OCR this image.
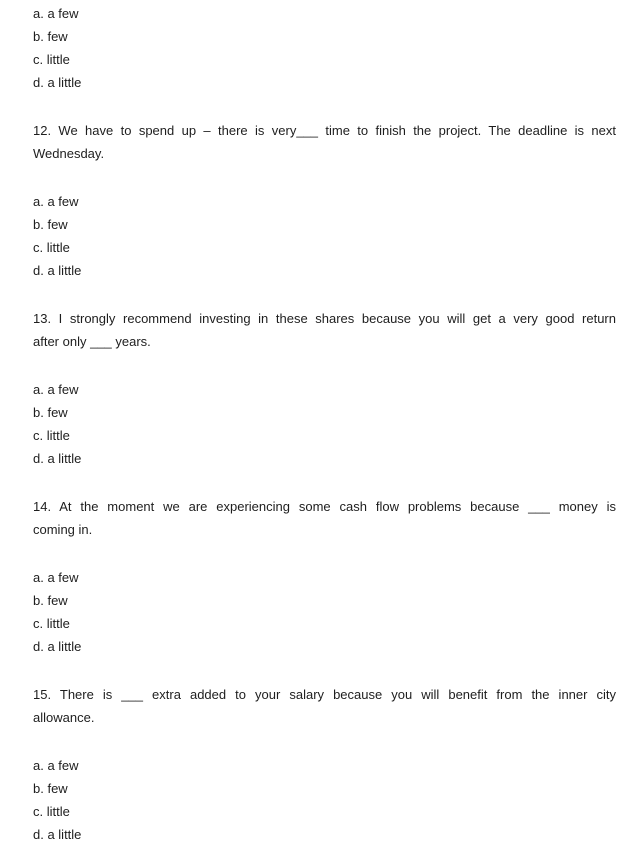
a. a few
b. few
c. little
d. a little
12. We have to spend up – there is very___ time to finish the project. The deadline is next
Wednesday.
a. a few
b. few
c. little
d. a little
13. I strongly recommend investing in these shares because you will get a very good return
after only ___ years.
a. a few
b. few
c. little
d. a little
14. At the moment we are experiencing some cash flow problems because ___ money is
coming in.
a. a few
b. few
c. little
d. a little
15. There is ___ extra added to your salary because you will benefit from the inner city
allowance.
a. a few
b. few
c. little
d. a little
